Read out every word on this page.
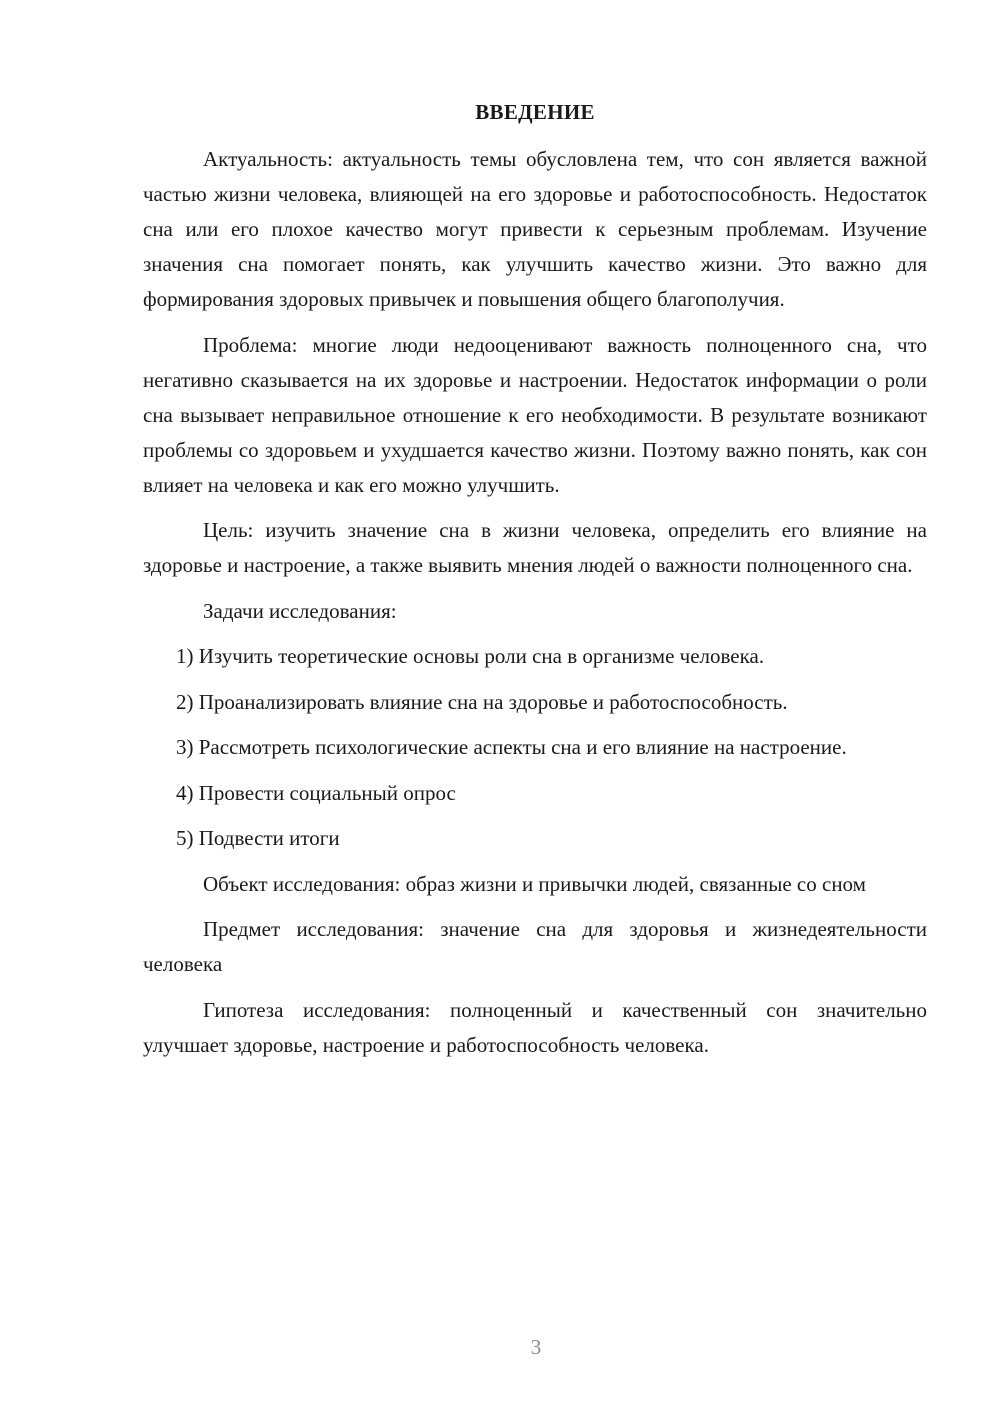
ВВЕДЕНИЕ

Актуальность: актуальность темы обусловлена тем, что сон является важной частью жизни человека, влияющей на его здоровье и работоспособность. Недостаток сна или его плохое качество могут привести к серьезным проблемам. Изучение значения сна помогает понять, как улучшить качество жизни. Это важно для формирования здоровых привычек и повышения общего благополучия.

Проблема: многие люди недооценивают важность полноценного сна, что негативно сказывается на их здоровье и настроении. Недостаток информации о роли сна вызывает неправильное отношение к его необходимости. В результате возникают проблемы со здоровьем и ухудшается качество жизни. Поэтому важно понять, как сон влияет на человека и как его можно улучшить.

Цель: изучить значение сна в жизни человека, определить его влияние на здоровье и настроение, а также выявить мнения людей о важности полноценного сна.

Задачи исследования:

1) Изучить теоретические основы роли сна в организме человека.

2) Проанализировать влияние сна на здоровье и работоспособность.

3) Рассмотреть психологические аспекты сна и его влияние на настроение.

4) Провести социальный опрос

5) Подвести итоги

Объект исследования: образ жизни и привычки людей, связанные со сном

Предмет исследования: значение сна для здоровья и жизнедеятельности человека

Гипотеза исследования: полноценный и качественный сон значительно улучшает здоровье, настроение и работоспособность человека.

3
